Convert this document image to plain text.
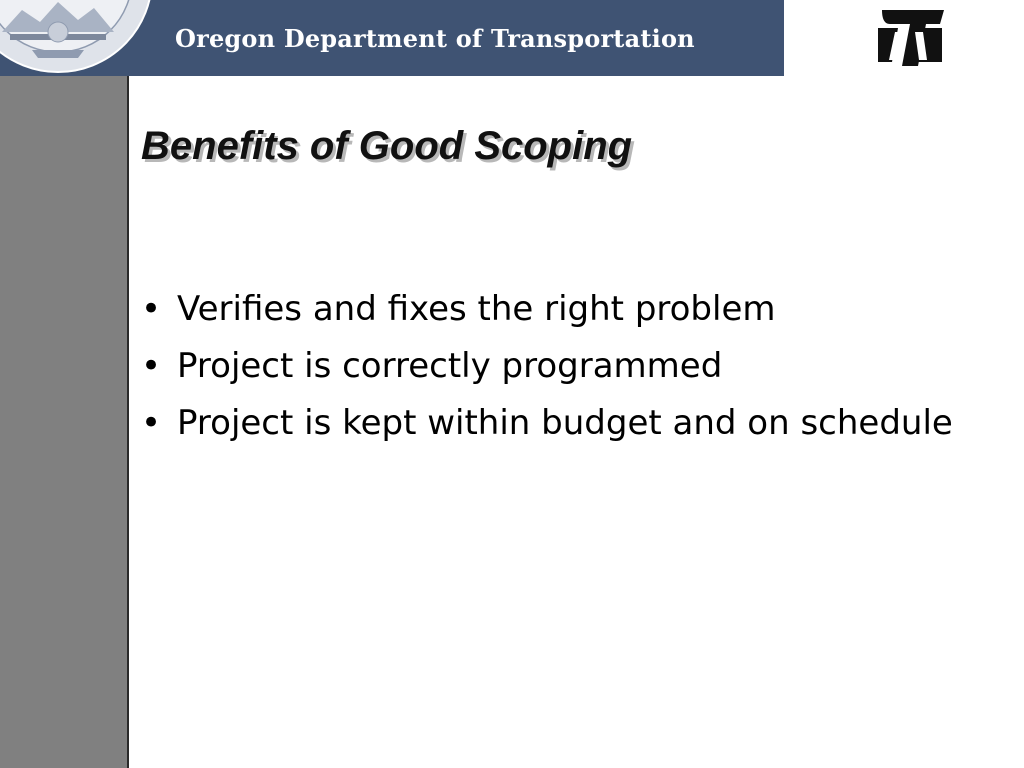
Oregon Department of Transportation
Benefits of Good Scoping
• Verifies and fixes the right problem
• Project is correctly programmed
• Project is kept within budget and on schedule
